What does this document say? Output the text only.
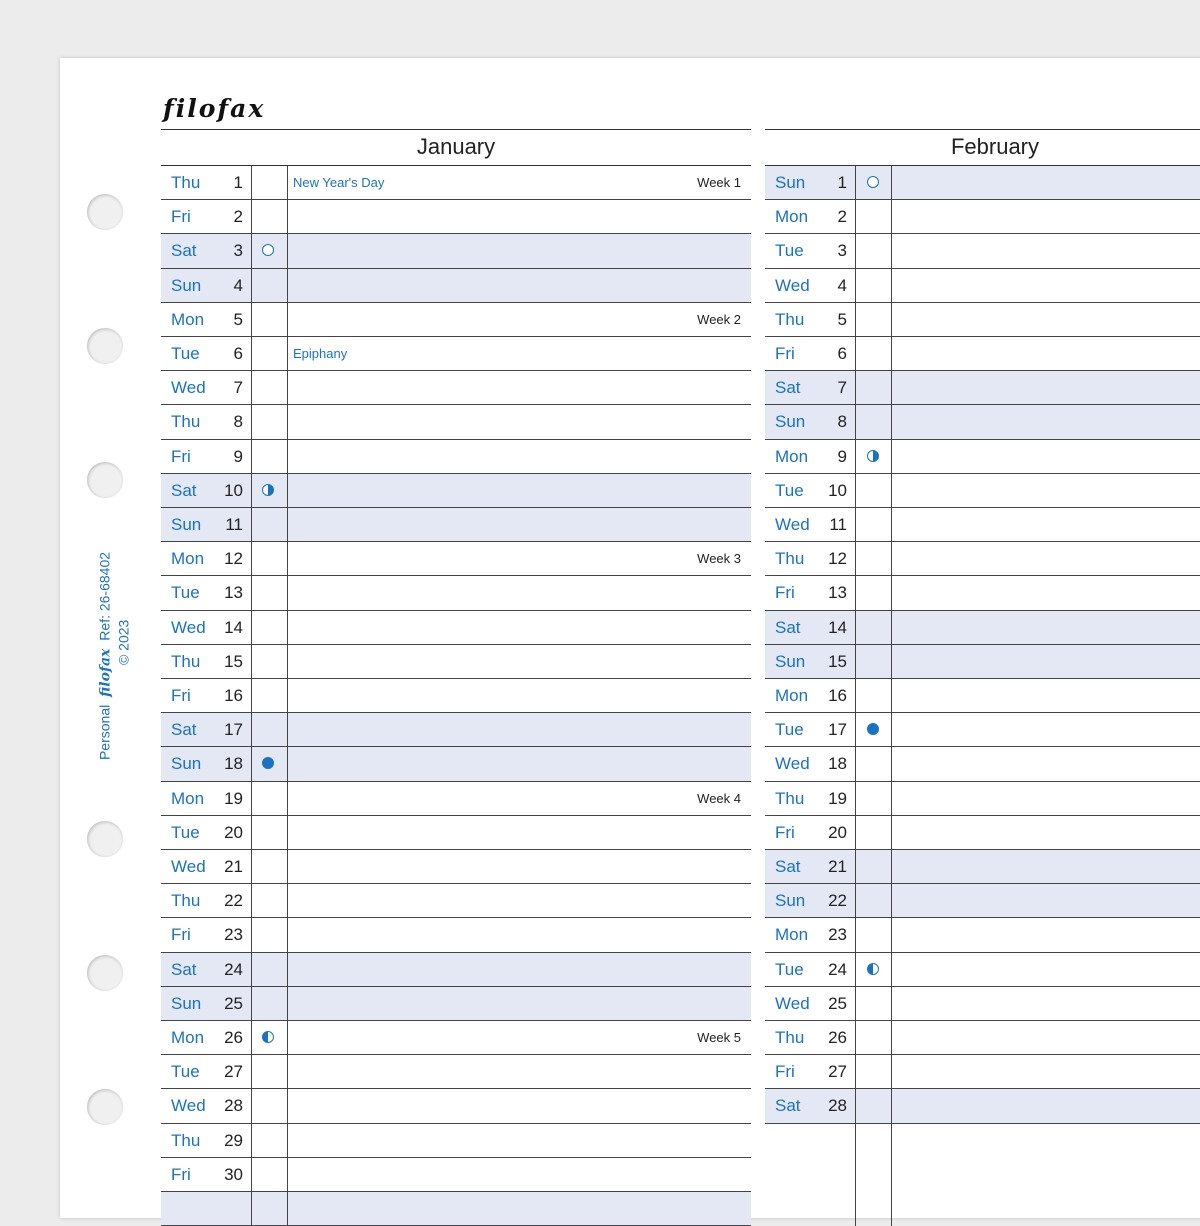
filofax
Personal filofax Ref: 26-68402
© 2023
January	February
Thu	1	New Year's Day	Week 1
Fri	2
Sat	3
Sun	4
Mon	5	Week 2
Tue	6	Epiphany
Wed	7
Thu	8
Fri	9
Sat	10
Sun	11
Mon	12	Week 3
Tue	13
Wed	14
Thu	15
Fri	16
Sat	17
Sun	18
Mon	19	Week 4
Tue	20
Wed	21
Thu	22
Fri	23
Sat	24
Sun	25
Mon	26	Week 5
Tue	27
Wed	28
Thu	29
Fri	30
Sun	1
Mon	2
Tue	3
Wed	4
Thu	5
Fri	6
Sat	7
Sun	8
Mon	9
Tue	10
Wed	11
Thu	12
Fri	13
Sat	14
Sun	15
Mon	16
Tue	17
Wed	18
Thu	19
Fri	20
Sat	21
Sun	22
Mon	23
Tue	24
Wed	25
Thu	26
Fri	27
Sat	28
